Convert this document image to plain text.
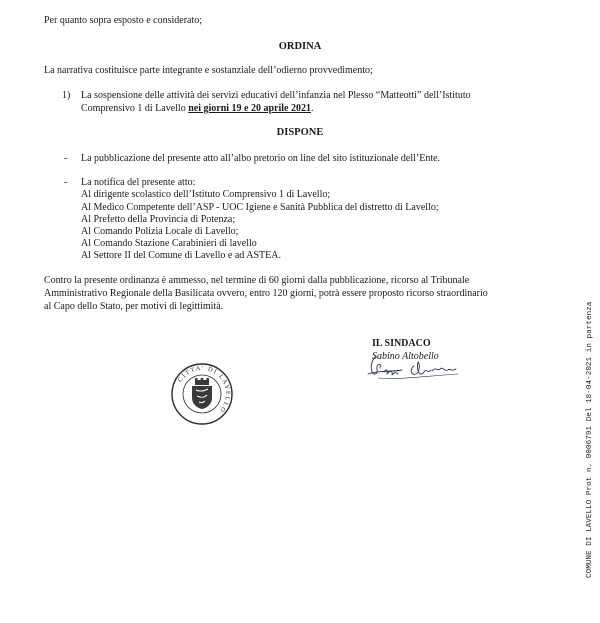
Per quanto sopra esposto e considerato;

ORDINA

La narrativa costituisce parte integrante e sostanziale dell’odierno provvedimento;

1) La sospensione delle attività dei servizi educativi dell’infanzia nel Plesso “Matteotti” dell’Istituto

Comprensivo 1 di Lavello nei giorni 19 e 20 aprile 2021.

DISPONE

- La pubblicazione del presente atto all’albo pretorio on line del sito istituzionale dell’Ente.

- La notifica del presente atto:

Al dirigente scolastico dell’Istituto Comprensivo 1 di Lavello;

Al Medico Competente dell’ASP - UOC Igiene e Sanità Pubblica del distretto di Lavello;

Al Prefetto della Provincia di Potenza;

Al Comando Polizia Locale di Lavello;

Al Comando Stazione Carabinieri di lavello

Al Settore II del Comune di Lavello e ad ASTEA.

Contro la presente ordinanza è ammesso, nel termine di 60 giorni dalla pubblicazione, ricorso al Tribunale

Amministrativo Regionale della Basilicata ovvero, entro 120 giorni, potrà essere proposto ricorso straordinario

al Capo dello Stato, per motivi di legittimità.

IL SINDACO
Sabino Altobello
CITTA' DI LAVELLO	COMUNE DI LAVELLO Prot n. 0006791 Del 18-04-2021 in partenza
